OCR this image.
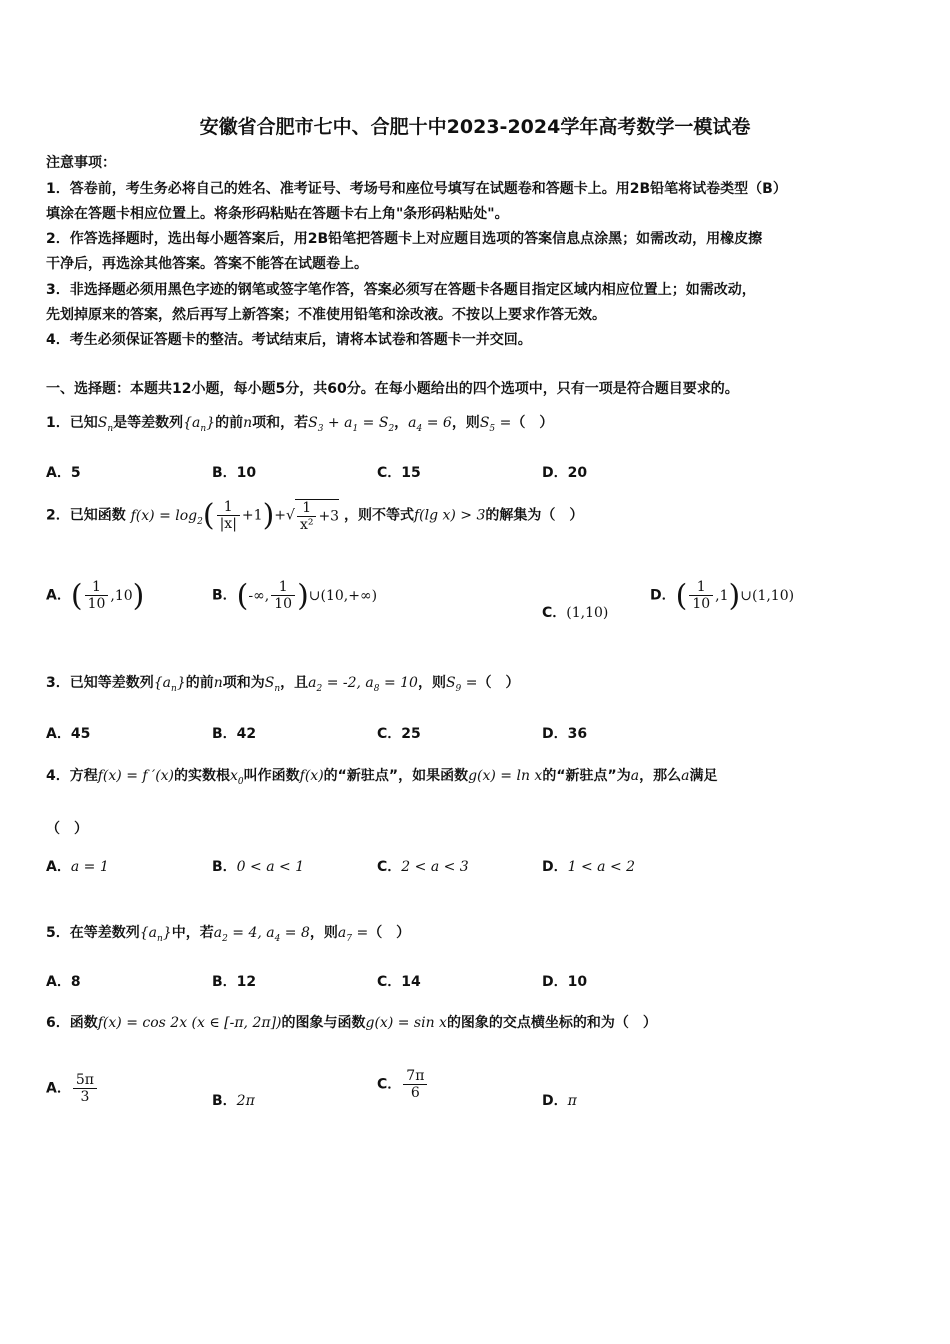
安徽省合肥市七中、合肥十中2023-2024学年高考数学一模试卷
注意事项：
1．答卷前，考生务必将自己的姓名、准考证号、考场号和座位号填写在试题卷和答题卡上。用2B铅笔将试卷类型（B）
填涂在答题卡相应位置上。将条形码粘贴在答题卡右上角"条形码粘贴处"。
2．作答选择题时，选出每小题答案后，用2B铅笔把答题卡上对应题目选项的答案信息点涂黑；如需改动，用橡皮擦
干净后，再选涂其他答案。答案不能答在试题卷上。
3．非选择题必须用黑色字迹的钢笔或签字笔作答，答案必须写在答题卡各题目指定区域内相应位置上；如需改动，
先划掉原来的答案，然后再写上新答案；不准使用铅笔和涂改液。不按以上要求作答无效。
4．考生必须保证答题卡的整洁。考试结束后，请将本试卷和答题卡一并交回。
一、选择题：本题共12小题，每小题5分，共60分。在每小题给出的四个选项中，只有一项是符合题目要求的。
1．已知$S_n$是等差数列$\{a_n\}$的前n项和，若$S_3 + a_1 = S_2$，$a_4 = 6$，则$S_5$ =（　）
A．5	B．10	C．15	D．20
2．已知函数 $f(x) = \log_2( \frac{1}{|x|} +1)+√ \frac{1}{\text{x²}} +3$ ，则不等式f(lg x) > 3的解集为（　）
A．( $\frac{1}{10} ,10$)	B．(-∞, $\frac{1}{10}$ )∪(10,+∞)
C．(1,10)
D．( $\frac{1}{10}$ ,1)∪(1,10)
3．已知等差数列$\{a_n\}$的前n项和为$S_n$，且$a_2 = -2$, $a_8 = 10$，则$S_9$ =（　）
A．45	B．42	C．25	D．36
4．方程f(x) = f ′(x)的实数根$x_0$叫作函数f(x)的“新驻点”，如果函数g(x) = ln x的“新驻点”为a，那么a满足
（　）
A．a = 1	B．0 < a < 1	C．2 < a < 3	D．1 < a < 2
5．在等差数列$\{a_n\}$中，若$a_2 = 4$, $a_4 = 8$，则$a_7$ =（　）
A．8	B．12	C．14	D．10
6．函数f(x) = cos 2x (x ∈ [-π, 2π])的图象与函数g(x) = sin x的图象的交点横坐标的和为（　）
A． $\frac{5\pi}{3}$	B．2π
C． $\frac{7\pi}{6}$	D．π
